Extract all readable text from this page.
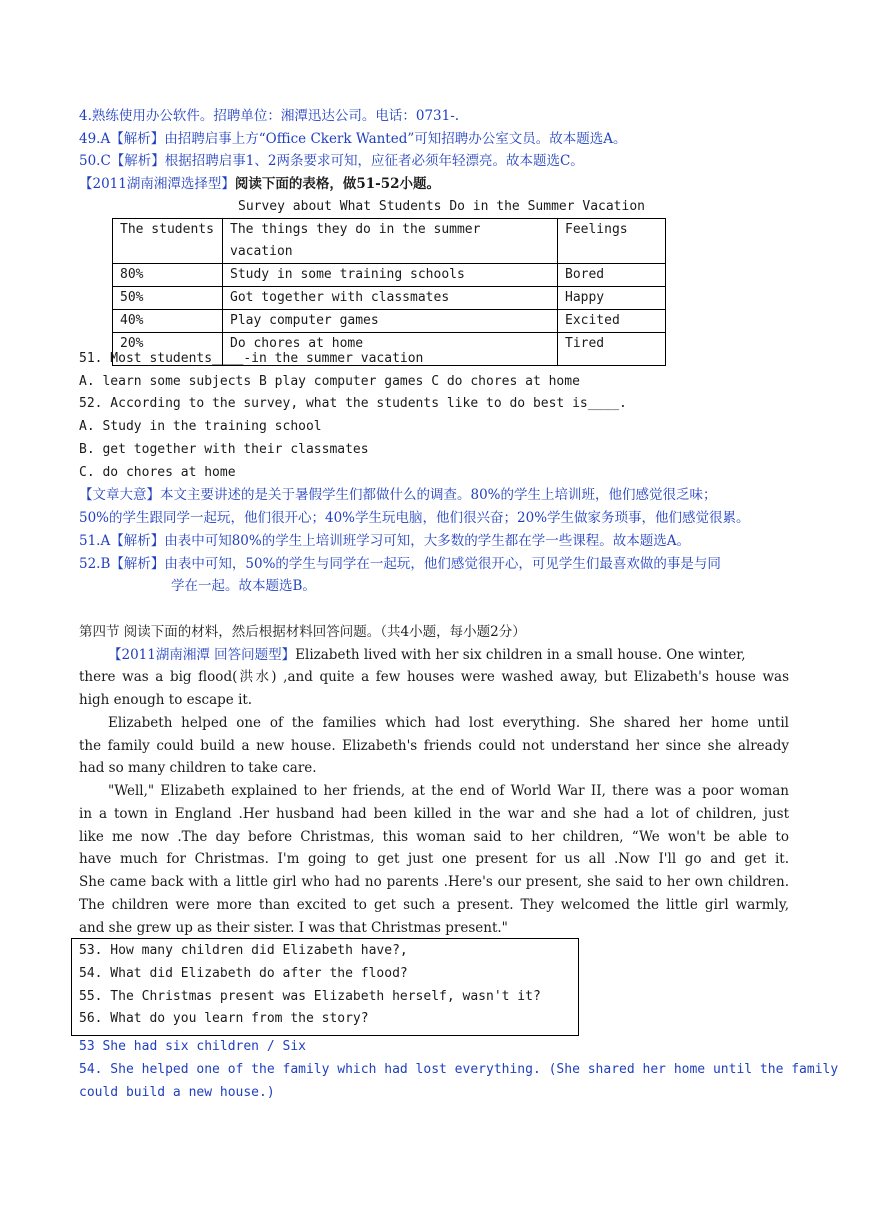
4.熟练使用办公软件。招聘单位：湘潭迅达公司。电话：0731-.
49.A【解析】由招聘启事上方“Office Ckerk Wanted”可知招聘办公室文员。故本题选A。
50.C【解析】根据招聘启事1、2两条要求可知，应征者必须年轻漂亮。故本题选C。
【2011湖南湘潭选择型】阅读下面的表格，做51-52小题。
Survey about What Students Do in the Summer Vacation
The students	The things they do in the summer vacation	Feelings
80%	Study in some training schools	Bored
50%	Got together with classmates	Happy
40%	Play computer games	Excited
20%	Do chores at home	Tired
51. Most students____-in the summer vacation
A. learn some subjects B play computer games C do chores at home
52. According to the survey, what the students like to do best is____.
A. Study in the training school
B. get together with their classmates
C. do chores at home
【文章大意】本文主要讲述的是关于暑假学生们都做什么的调查。80%的学生上培训班，他们感觉很乏味；
50%的学生跟同学一起玩，他们很开心；40%学生玩电脑，他们很兴奋；20%学生做家务琐事，他们感觉很累。
51.A【解析】由表中可知80%的学生上培训班学习可知，大多数的学生都在学一些课程。故本题选A。
52.B【解析】由表中可知，50%的学生与同学在一起玩，他们感觉很开心，可见学生们最喜欢做的事是与同
学在一起。故本题选B。
第四节 阅读下面的材料，然后根据材料回答问题。（共4小题，每小题2分）
【2011湖南湘潭 回答问题型】Elizabeth lived with her six children in a small house. One winter,
there was a big flood(洪水) ,and quite a few houses were washed away, but Elizabeth's house was
high enough to escape it.
Elizabeth helped one of the families which had lost everything. She shared her home until
the family could build a new house. Elizabeth's friends could not understand her since she already
had so many children to take care.
"Well," Elizabeth explained to her friends, at the end of World War II, there was a poor woman
in a town in England .Her husband had been killed in the war and she had a lot of children, just
like me now .The day before Christmas, this woman said to her children, “We won't be able to
have much for Christmas. I'm going to get just one present for us all .Now I'll go and get it.
She came back with a little girl who had no parents .Here's our present, she said to her own children.
The children were more than excited to get such a present. They welcomed the little girl warmly,
and she grew up as their sister. I was that Christmas present."
53. How many children did Elizabeth have?,
54. What did Elizabeth do after the flood?
55. The Christmas present was Elizabeth herself, wasn't it?
56. What do you learn from the story?
53 She had six children / Six
54. She helped one of the family which had lost everything. (She shared her home until the family
could build a new house.)
